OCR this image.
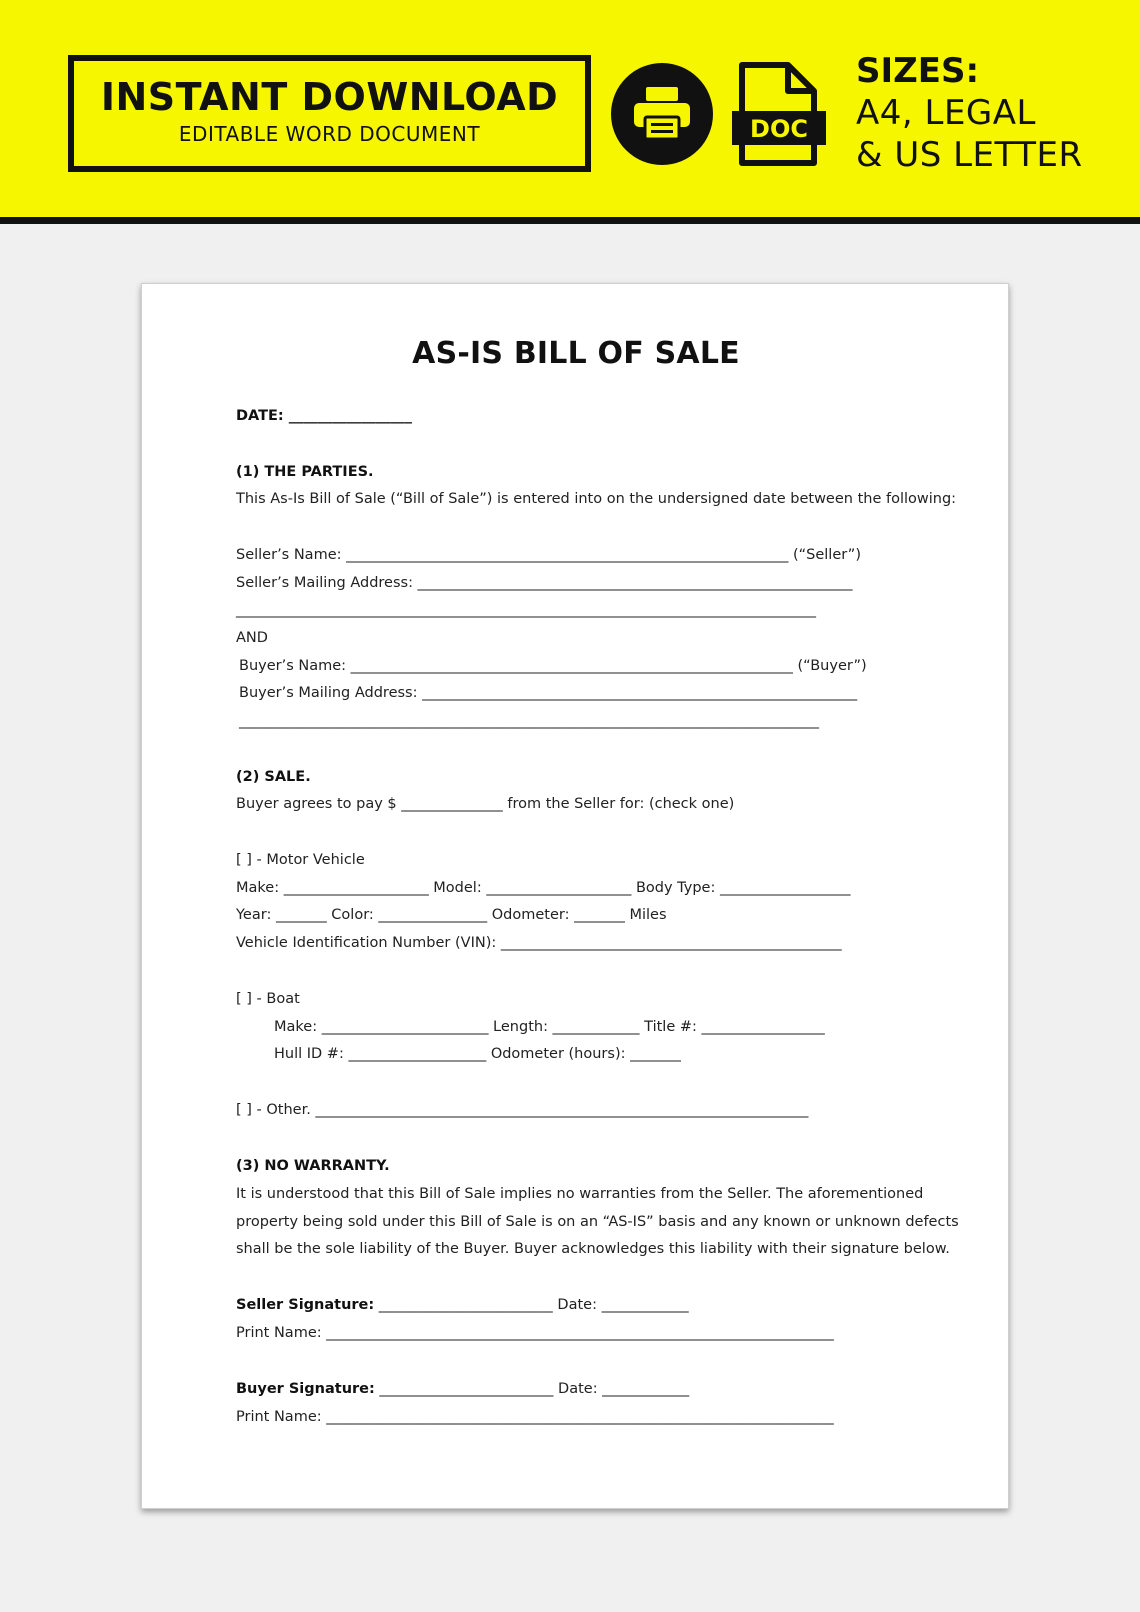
INSTANT DOWNLOAD
EDITABLE WORD DOCUMENT	DOC
SIZES:
A4, LEGAL
& US LETTER
AS-IS BILL OF SALE
DATE: _________________
(1) THE PARTIES.
This As-Is Bill of Sale (“Bill of Sale”) is entered into on the undersigned date between the following:
Seller’s Name: _____________________________________________________________ (“Seller”)
Seller’s Mailing Address: ____________________________________________________________
________________________________________________________________________________
AND
Buyer’s Name: _____________________________________________________________ (“Buyer”)
Buyer’s Mailing Address: ____________________________________________________________
________________________________________________________________________________
(2) SALE.
Buyer agrees to pay $ ______________ from the Seller for: (check one)
[ ] - Motor Vehicle
Make: ____________________ Model: ____________________ Body Type: __________________
Year: _______ Color: _______________ Odometer: _______ Miles
Vehicle Identification Number (VIN): _______________________________________________
[ ] - Boat
Make: _______________________ Length: ____________ Title #: _________________
Hull ID #: ___________________ Odometer (hours): _______
[ ] - Other. ____________________________________________________________________
(3) NO WARRANTY.
It is understood that this Bill of Sale implies no warranties from the Seller. The aforementioned
property being sold under this Bill of Sale is on an “AS-IS” basis and any known or unknown defects
shall be the sole liability of the Buyer. Buyer acknowledges this liability with their signature below.
Seller Signature: ________________________ Date: ____________
Print Name: ______________________________________________________________________
Buyer Signature: ________________________ Date: ____________
Print Name: ______________________________________________________________________
